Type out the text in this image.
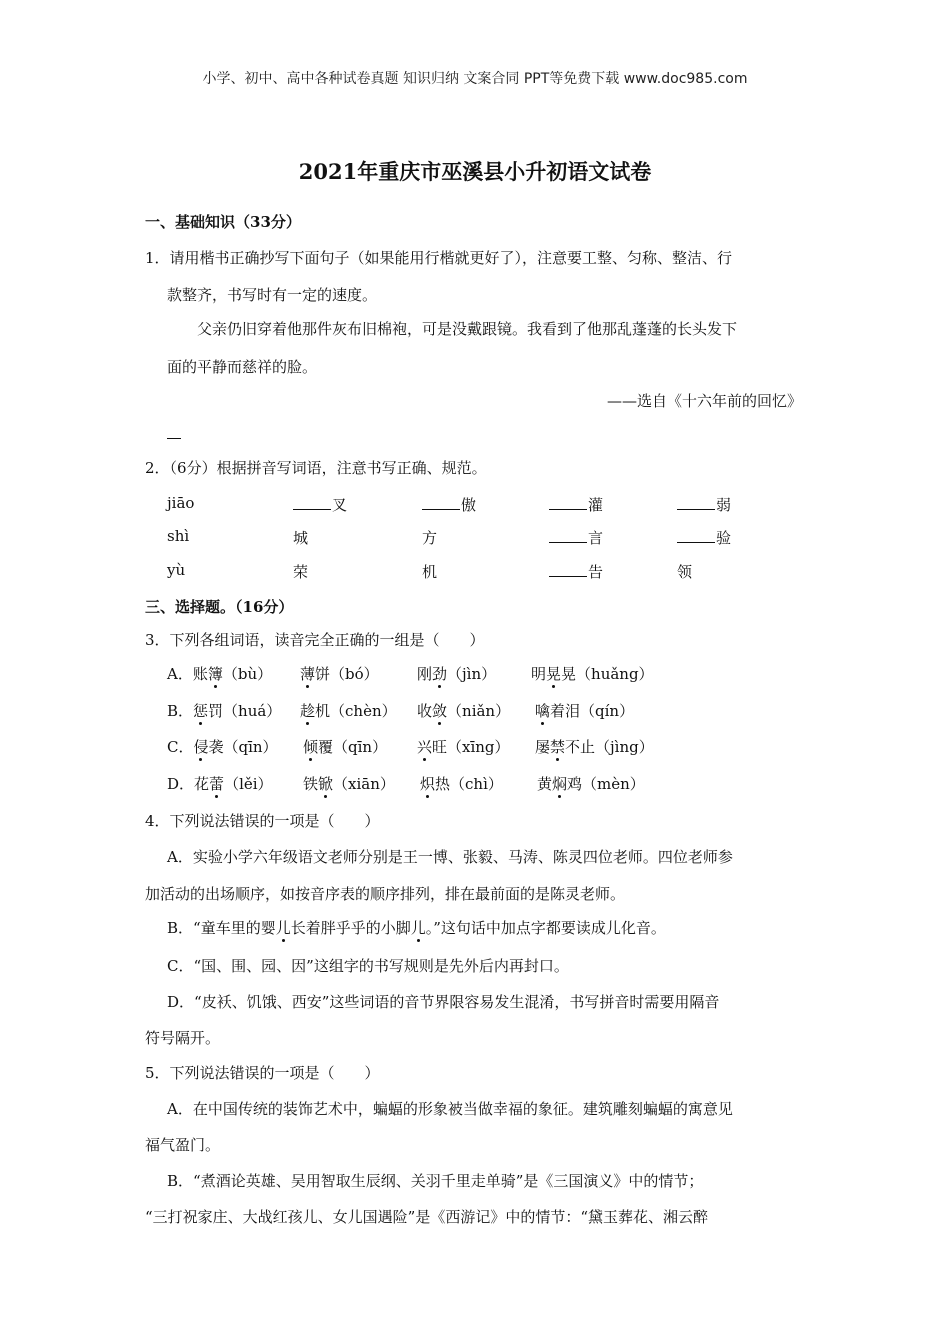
小学、初中、高中各种试卷真题 知识归纳 文案合同 PPT等免费下载 www.doc985.com
2021年重庆市巫溪县小升初语文试卷
一、基础知识（33分）
1．请用楷书正确抄写下面句子（如果能用行楷就更好了），注意要工整、匀称、整洁、行
款整齐，书写时有一定的速度。
父亲仍旧穿着他那件灰布旧棉袍，可是没戴跟镜。我看到了他那乱蓬蓬的长头发下
面的平静而慈祥的脸。
——选自《十六年前的回忆》
2．（6分）根据拼音写词语，注意书写正确、规范。
jiāo	叉	傲	灌	弱
shì	城	方	言	验
yù	荣	机	告	领
三、选择题。（16分）
3．下列各组词语，读音完全正确的一组是（　　）
A．账簿（bù） 薄饼（bó）	刚劲（jìn） 明晃晃（huǎng）
B．惩罚（huá） 趁机（chèn） 收敛（niǎn） 噙着泪（qín）
C．侵袭（qīn） 倾覆（qīn） 兴旺（xīng） 屡禁不止（jìng）
D．花蕾（lěi） 铁锨（xiān） 炽热（chì） 黄焖鸡（mèn）
4．下列说法错误的一项是（　　）
A．实验小学六年级语文老师分别是王一博、张毅、马涛、陈灵四位老师。四位老师参
加活动的出场顺序，如按音序表的顺序排列，排在最前面的是陈灵老师。
B．“童车里的婴儿长着胖乎乎的小脚儿。”这句话中加点字都要读成儿化音。
C．“国、围、园、因”这组字的书写规则是先外后内再封口。
D．“皮袄、饥饿、西安”这些词语的音节界限容易发生混淆，书写拼音时需要用隔音
符号隔开。
5．下列说法错误的一项是（　　）
A．在中国传统的装饰艺术中，蝙蝠的形象被当做幸福的象征。建筑雕刻蝙蝠的寓意见
福气盈门。
B．“煮酒论英雄、吴用智取生辰纲、关羽千里走单骑”是《三国演义》中的情节；
“三打祝家庄、大战红孩儿、女儿国遇险”是《西游记》中的情节：“黛玉葬花、湘云醉
